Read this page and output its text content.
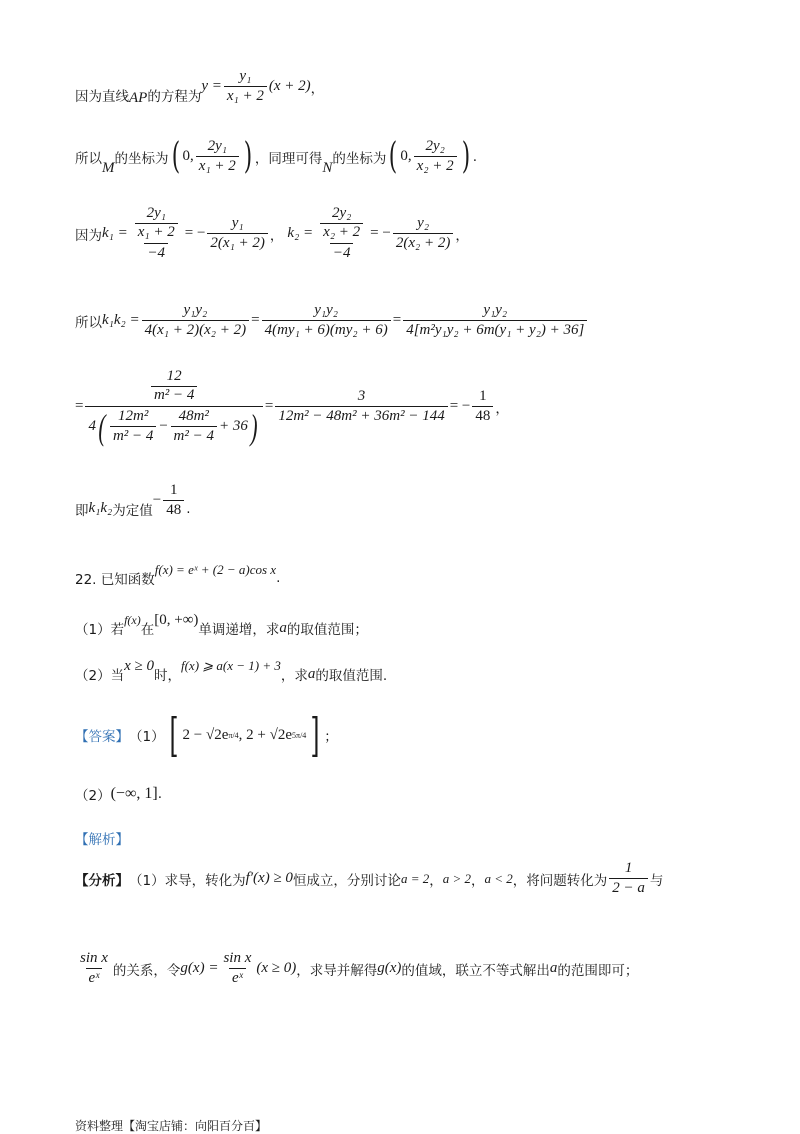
因为直线 AP 的方程为
$y = \frac{\text{y₁}}{\text{x₁ + 2}} (x + 2)$ ，
所以
M
的坐标为 ( 0, $\frac{\text{2y₁}}{\text{x₁ + 2}}$ ) ，同理可得
N
的坐标为 ( 0, $\frac{\text{2y₂}}{\text{x₂ + 2}}$ ) .
因为 $k_1 = \frac{\frac{\text{2y₁}}{\text{x₁ + 2}}}{-4}$ = − $\frac{\text{y₁}}{\text{2(x₁ + 2)}}$ ， $k_2 = \frac{\frac{\text{2y₂}}{\text{x₂ + 2}}}{-4}$ = − $\frac{\text{y₂}}{\text{2(x₂ + 2)}}$ ，
所以 $k_1k_2 = \frac{\text{y₁y₂}}{\text{4(x₁ + 2)(x₂ + 2)}} = \frac{\text{y₁y₂}}{\text{4(my₁ + 6)(my₂ + 6)}} = \frac{\text{y₁y₂}}{\text{4[m²y₁y₂ + 6m(y₁ + y₂) + 36]}}$
=
$\frac{12}{\text{m² − 4}}$
4 ( $\frac{\text{12m²}}{\text{m² − 4}} - \frac{\text{48m²}}{\text{m² − 4}} + 36$ )
= $\frac{3}{\text{12m² − 48m² + 36m² − 144}}$ = − $\frac{1}{48}$ ，
即 k₁k₂ 为定值
− $\frac{1}{48}$ .
22. 已知函数
f(x) = eˣ + (2 − a)cos x
.
（1）若
f(x)
在
[0, +∞)
单调递增，求 a 的取值范围；
（2）当
x ≥ 0
时，
f(x) ⩾ a(x − 1) + 3
，求 a 的取值范围.
【答案】 （1） [ 2 − √2e π/4 , 2 + √2e 5π/4 ] ；
（2） (−∞, 1] .
【解析】
【分析】 （1）求导，转化为 f′(x) ≥ 0 恒成立，分别讨论 a = 2 ， a > 2 ， a < 2 ，将问题转化为 $\frac{1}{2 - a}$ 与
$\frac{\text{sin x}}{\text{eˣ}}$ 的关系，令 $g(x) = \frac{\text{sin x}}{\text{eˣ}} (x \ge 0)$ ，求导并解得 g(x) 的值域，联立不等式解出 a 的范围即可；
资料整理【淘宝店铺：向阳百分百】
